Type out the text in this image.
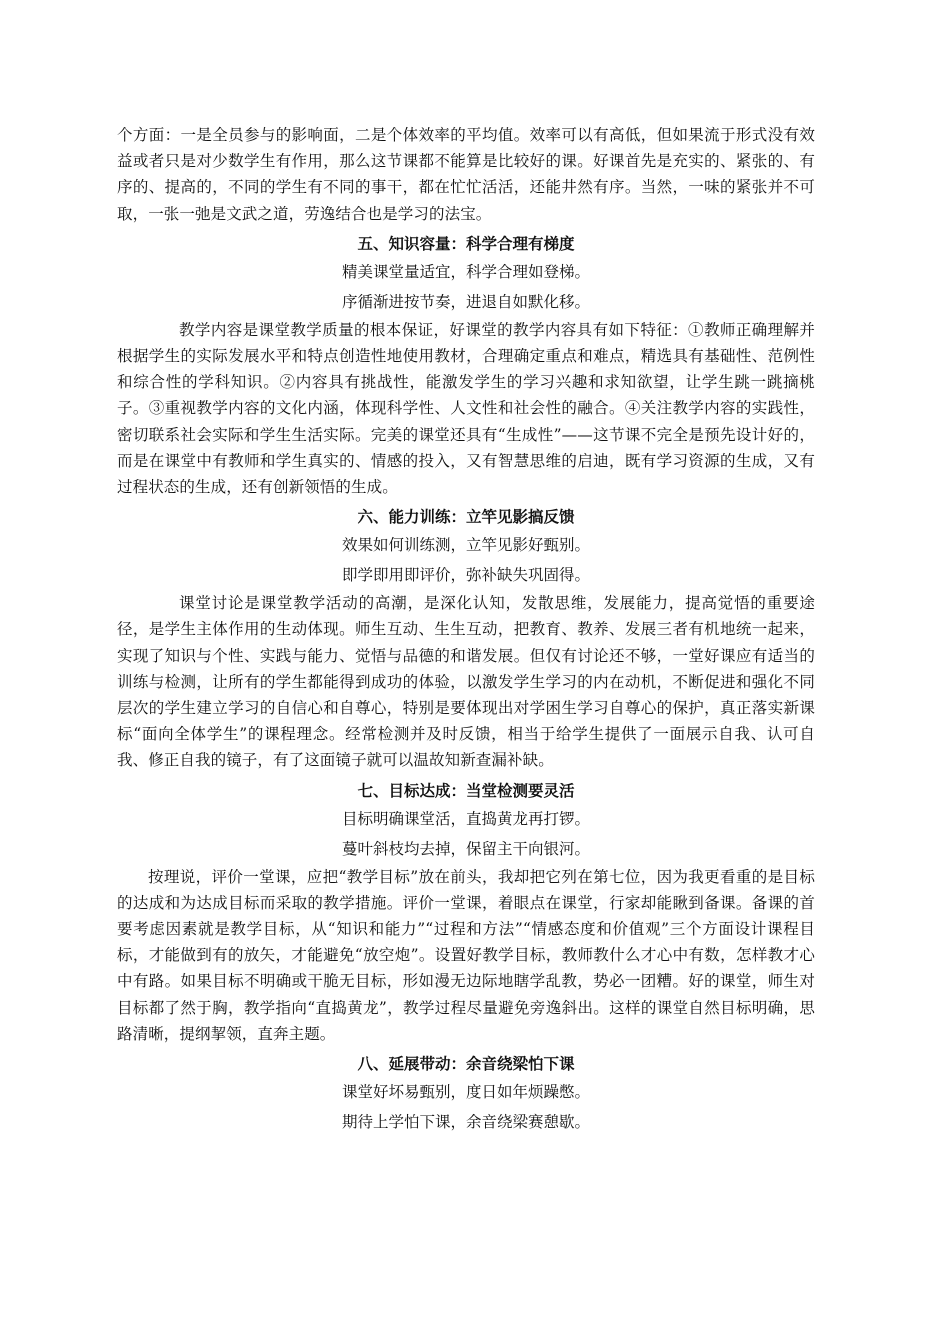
个方面：一是全员参与的影响面，二是个体效率的平均值。效率可以有高低，但如果流于形式没有效益或者只是对少数学生有作用，那么这节课都不能算是比较好的课。好课首先是充实的、紧张的、有序的、提高的，不同的学生有不同的事干，都在忙忙活活，还能井然有序。当然，一味的紧张并不可取，一张一弛是文武之道，劳逸结合也是学习的法宝。

五、知识容量：科学合理有梯度

精美课堂量适宜，科学合理如登梯。

序循渐进按节奏，进退自如默化移。

教学内容是课堂教学质量的根本保证，好课堂的教学内容具有如下特征：①教师正确理解并根据学生的实际发展水平和特点创造性地使用教材，合理确定重点和难点，精选具有基础性、范例性和综合性的学科知识。②内容具有挑战性，能激发学生的学习兴趣和求知欲望，让学生跳一跳摘桃子。③重视教学内容的文化内涵，体现科学性、人文性和社会性的融合。④关注教学内容的实践性，密切联系社会实际和学生生活实际。完美的课堂还具有“生成性”——这节课不完全是预先设计好的，而是在课堂中有教师和学生真实的、情感的投入，又有智慧思维的启迪，既有学习资源的生成，又有过程状态的生成，还有创新领悟的生成。

六、能力训练：立竿见影搞反馈

效果如何训练测，立竿见影好甄别。

即学即用即评价，弥补缺失巩固得。

课堂讨论是课堂教学活动的高潮，是深化认知，发散思维，发展能力，提高觉悟的重要途径，是学生主体作用的生动体现。师生互动、生生互动，把教育、教养、发展三者有机地统一起来，实现了知识与个性、实践与能力、觉悟与品德的和谐发展。但仅有讨论还不够，一堂好课应有适当的训练与检测，让所有的学生都能得到成功的体验，以激发学生学习的内在动机，不断促进和强化不同层次的学生建立学习的自信心和自尊心，特别是要体现出对学困生学习自尊心的保护，真正落实新课标“面向全体学生”的课程理念。经常检测并及时反馈，相当于给学生提供了一面展示自我、认可自我、修正自我的镜子，有了这面镜子就可以温故知新查漏补缺。

七、目标达成：当堂检测要灵活

目标明确课堂活，直捣黄龙再打锣。

蔓叶斜枝均去掉，保留主干向银河。

按理说，评价一堂课，应把“教学目标”放在前头，我却把它列在第七位，因为我更看重的是目标的达成和为达成目标而采取的教学措施。评价一堂课，着眼点在课堂，行家却能瞅到备课。备课的首要考虑因素就是教学目标，从“知识和能力”“过程和方法”“情感态度和价值观”三个方面设计课程目标，才能做到有的放矢，才能避免“放空炮”。设置好教学目标，教师教什么才心中有数，怎样教才心中有路。如果目标不明确或干脆无目标，形如漫无边际地瞎学乱教，势必一团糟。好的课堂，师生对目标都了然于胸，教学指向“直捣黄龙”，教学过程尽量避免旁逸斜出。这样的课堂自然目标明确，思路清晰，提纲挈领，直奔主题。

八、延展带动：余音绕梁怕下课

课堂好坏易甄别，度日如年烦躁憋。

期待上学怕下课，余音绕梁赛憩歇。
